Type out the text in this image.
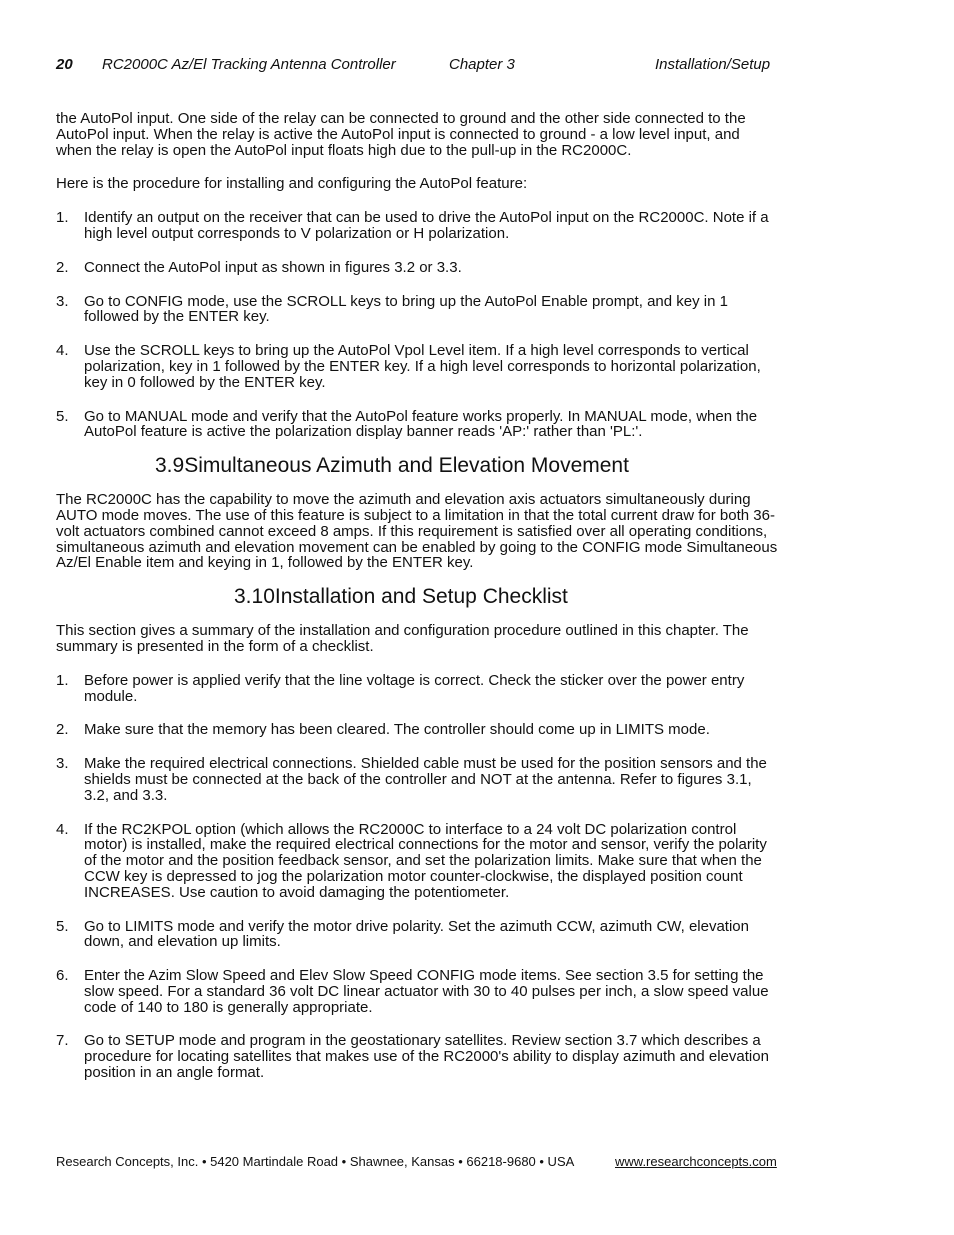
20 RC2000C Az/El Tracking Antenna Controller	Chapter 3	Installation/Setup

the AutoPol input. One side of the relay can be connected to ground and the other side connected to the AutoPol input. When the relay is active the AutoPol input is connected to ground - a low level input, and when the relay is open the AutoPol input floats high due to the pull-up in the RC2000C.

Here is the procedure for installing and configuring the AutoPol feature:

1. Identify an output on the receiver that can be used to drive the AutoPol input on the RC2000C. Note if a high level output corresponds to V polarization or H polarization.
2. Connect the AutoPol input as shown in figures 3.2 or 3.3.
3. Go to CONFIG mode, use the SCROLL keys to bring up the AutoPol Enable prompt, and key in 1 followed by the ENTER key.
4. Use the SCROLL keys to bring up the AutoPol Vpol Level item. If a high level corresponds to vertical polarization, key in 1 followed by the ENTER key. If a high level corresponds to horizontal polarization, key in 0 followed by the ENTER key.
5. Go to MANUAL mode and verify that the AutoPol feature works properly. In MANUAL mode, when the AutoPol feature is active the polarization display banner reads 'AP:' rather than 'PL:'.
3.9Simultaneous Azimuth and Elevation Movement

The RC2000C has the capability to move the azimuth and elevation axis actuators simultaneously during AUTO mode moves. The use of this feature is subject to a limitation in that the total current draw for both 36-volt actuators combined cannot exceed 8 amps. If this requirement is satisfied over all operating conditions, simultaneous azimuth and elevation movement can be enabled by going to the CONFIG mode Simultaneous Az/El Enable item and keying in 1, followed by the ENTER key.

3.10Installation and Setup Checklist

This section gives a summary of the installation and configuration procedure outlined in this chapter. The summary is presented in the form of a checklist.

1. Before power is applied verify that the line voltage is correct. Check the sticker over the power entry module.
2. Make sure that the memory has been cleared. The controller should come up in LIMITS mode.
3. Make the required electrical connections. Shielded cable must be used for the position sensors and the shields must be connected at the back of the controller and NOT at the antenna. Refer to figures 3.1, 3.2, and 3.3.
4. If the RC2KPOL option (which allows the RC2000C to interface to a 24 volt DC polarization control motor) is installed, make the required electrical connections for the motor and sensor, verify the polarity of the motor and the position feedback sensor, and set the polarization limits. Make sure that when the CCW key is depressed to jog the polarization motor counter-clockwise, the displayed position count INCREASES. Use caution to avoid damaging the potentiometer.
5. Go to LIMITS mode and verify the motor drive polarity. Set the azimuth CCW, azimuth CW, elevation down, and elevation up limits.
6. Enter the Azim Slow Speed and Elev Slow Speed CONFIG mode items. See section 3.5 for setting the slow speed. For a standard 36 volt DC linear actuator with 30 to 40 pulses per inch, a slow speed value code of 140 to 180 is generally appropriate.
7. Go to SETUP mode and program in the geostationary satellites. Review section 3.7 which describes a procedure for locating satellites that makes use of the RC2000's ability to display azimuth and elevation position in an angle format.
Research Concepts, Inc. • 5420 Martindale Road • Shawnee, Kansas • 66218-9680 • USA	www.researchconcepts.com
